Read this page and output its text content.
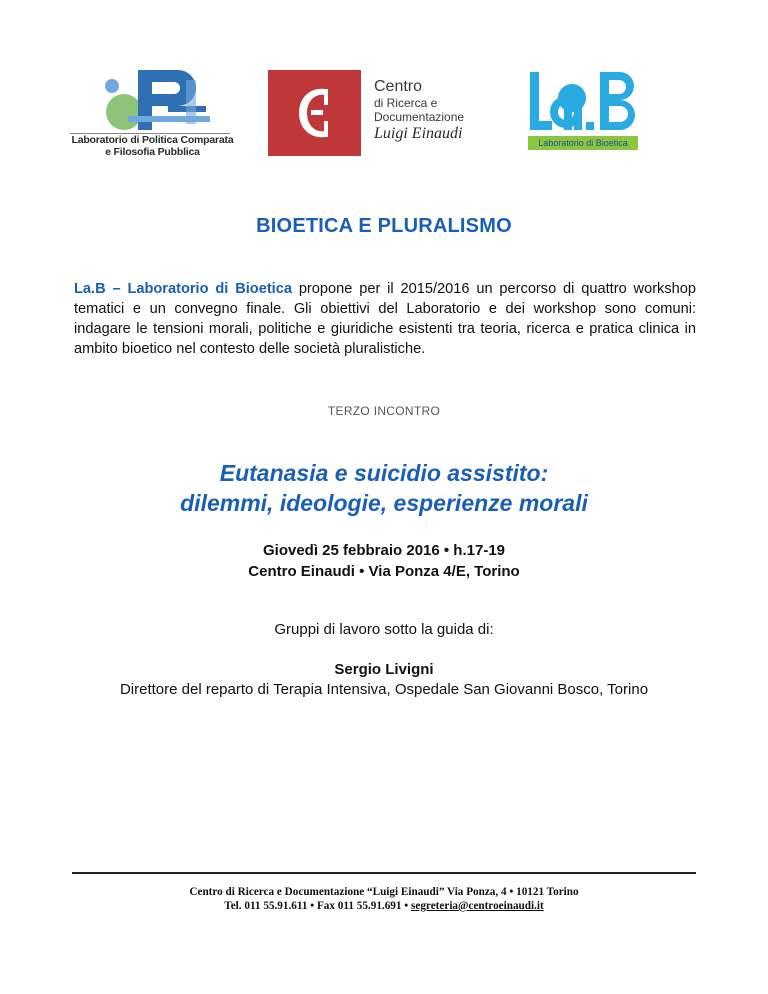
Laboratorio di Politica Comparata
e Filosofia Pubblica
Centro
di Ricerca e
Documentazione
Luigi Einaudi
Laboratorio di Bioetica
BIOETICA E PLURALISMO
La.B – Laboratorio di Bioetica propone per il 2015/2016 un percorso di quattro workshop tematici e un convegno finale. Gli obiettivi del Laboratorio e dei workshop sono comuni: indagare le tensioni morali, politiche e giuridiche esistenti tra teoria, ricerca e pratica clinica in ambito bioetico nel contesto delle società pluralistiche.
TERZO INCONTRO
Eutanasia e suicidio assistito:
dilemmi, ideologie, esperienze morali
Giovedì 25 febbraio 2016 • h.17-19
Centro Einaudi • Via Ponza 4/E, Torino
Gruppi di lavoro sotto la guida di:
Sergio Livigni
Direttore del reparto di Terapia Intensiva, Ospedale San Giovanni Bosco, Torino
Centro di Ricerca e Documentazione “Luigi Einaudi” Via Ponza, 4 • 10121 Torino
Tel. 011 55.91.611 • Fax 011 55.91.691 • segreteria@centroeinaudi.it
